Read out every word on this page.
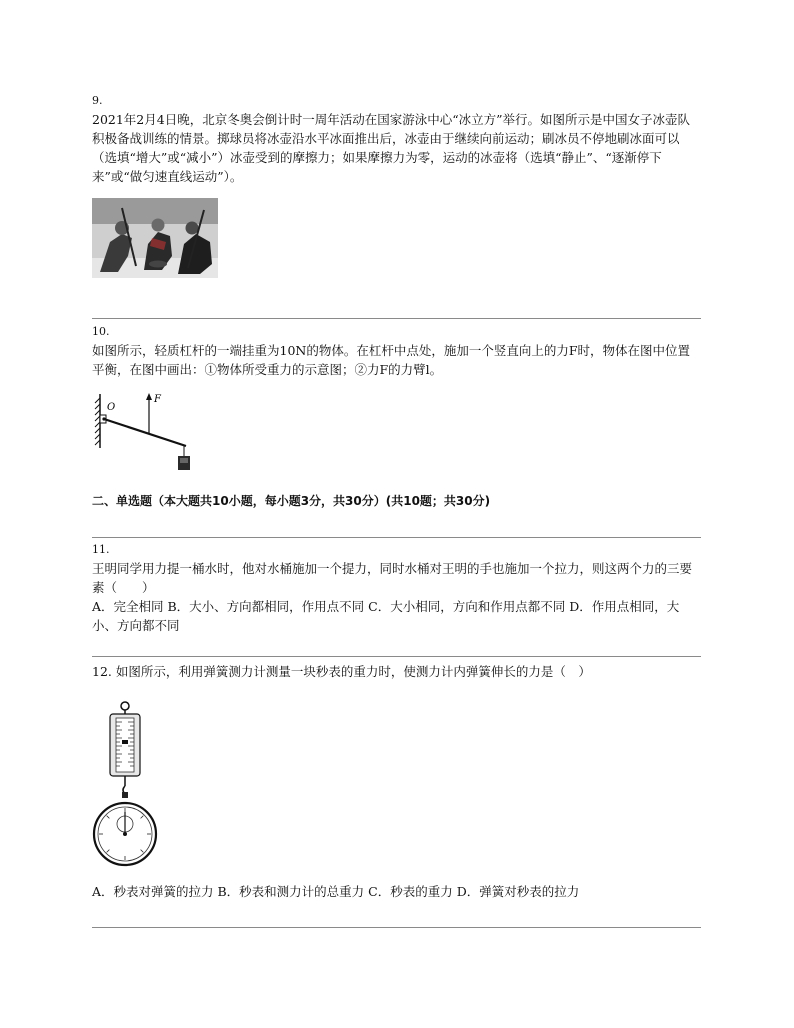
9.

2021年2月4日晚，北京冬奥会倒计时一周年活动在国家游泳中心“冰立方”举行。如图所示是中国女子冰壶队积极备战训练的情景。掷球员将冰壶沿水平冰面推出后，冰壶由于继续向前运动；刷冰员不停地刷冰面可以（选填“增大”或“减小”）冰壶受到的摩擦力；如果摩擦力为零，运动的冰壶将（选填“静止”、“逐渐停下来”或“做匀速直线运动”）。

10.

如图所示，轻质杠杆的一端挂重为10N的物体。在杠杆中点处，施加一个竖直向上的力F时，物体在图中位置平衡，在图中画出：①物体所受重力的示意图；②力F的力臂l。

O
F

二、单选题（本大题共10小题，每小题3分，共30分）(共10题；共30分)

11.

王明同学用力提一桶水时，他对水桶施加一个提力，同时水桶对王明的手也施加一个拉力，则这两个力的三要素（　　）

A．完全相同 B．大小、方向都相同，作用点不同 C．大小相同，方向和作用点都不同 D．作用点相同，大小、方向都不同

12. 如图所示，利用弹簧测力计测量一块秒表的重力时，使测力计内弹簧伸长的力是（　）

A．秒表对弹簧的拉力 B．秒表和测力计的总重力 C．秒表的重力 D．弹簧对秒表的拉力
